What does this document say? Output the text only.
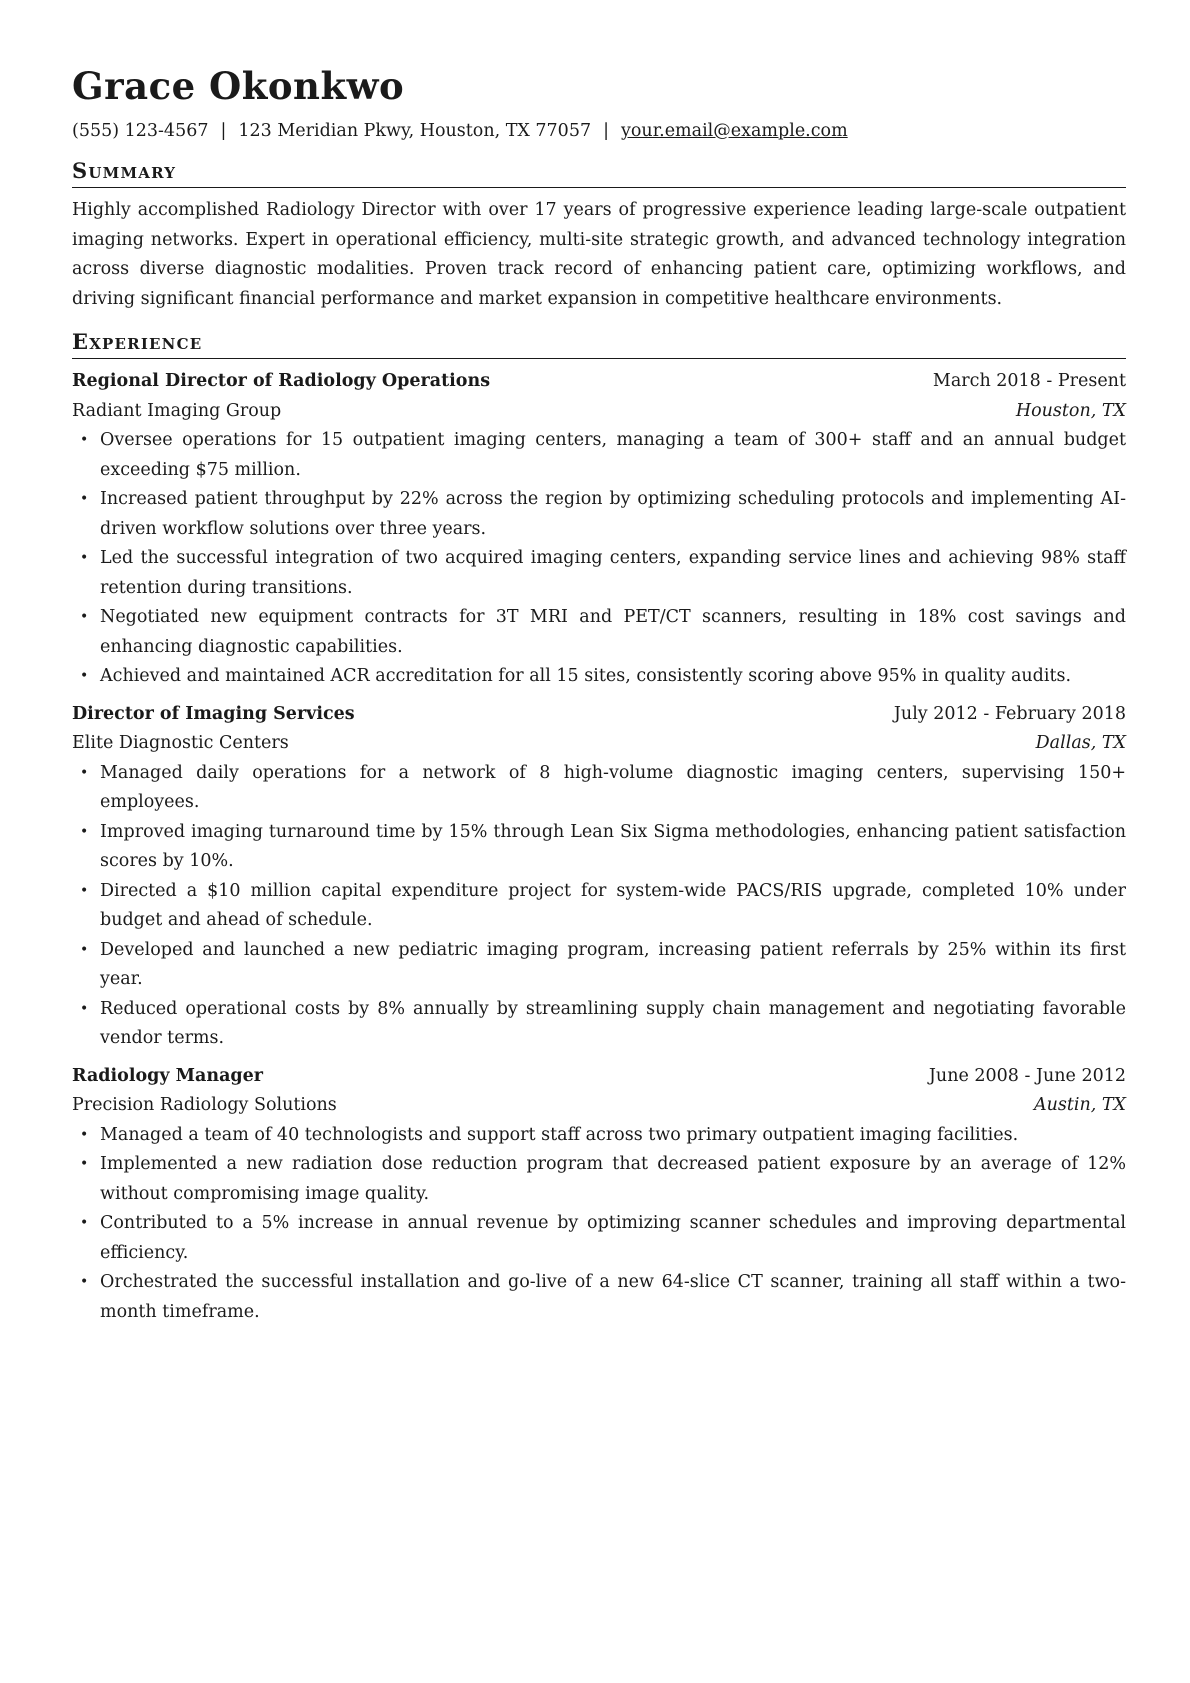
Grace Okonkwo
(555) 123-4567 | 123 Meridian Pkwy, Houston, TX 77057 | your.email@example.com
Summary
Highly accomplished Radiology Director with over 17 years of progressive experience leading large-scale outpatient imaging networks. Expert in operational efficiency, multi-site strategic growth, and advanced technology integration across diverse diagnostic modalities. Proven track record of enhancing patient care, optimizing workflows, and driving significant financial performance and market expansion in competitive healthcare environments.
Experience
Regional Director of Radiology Operations	March 2018 - Present
Radiant Imaging Group	Houston, TX
• Oversee operations for 15 outpatient imaging centers, managing a team of 300+ staff and an annual budget exceeding $75 million.
• Increased patient throughput by 22% across the region by optimizing scheduling protocols and implementing AI-driven workflow solutions over three years.
• Led the successful integration of two acquired imaging centers, expanding service lines and achieving 98% staff retention during transitions.
• Negotiated new equipment contracts for 3T MRI and PET/CT scanners, resulting in 18% cost savings and enhancing diagnostic capabilities.
• Achieved and maintained ACR accreditation for all 15 sites, consistently scoring above 95% in quality audits.
Director of Imaging Services	July 2012 - February 2018
Elite Diagnostic Centers	Dallas, TX
• Managed daily operations for a network of 8 high-volume diagnostic imaging centers, supervising 150+ employees.
• Improved imaging turnaround time by 15% through Lean Six Sigma methodologies, enhancing patient satisfaction scores by 10%.
• Directed a $10 million capital expenditure project for system-wide PACS/RIS upgrade, completed 10% under budget and ahead of schedule.
• Developed and launched a new pediatric imaging program, increasing patient referrals by 25% within its first year.
• Reduced operational costs by 8% annually by streamlining supply chain management and negotiating favorable vendor terms.
Radiology Manager	June 2008 - June 2012
Precision Radiology Solutions	Austin, TX
• Managed a team of 40 technologists and support staff across two primary outpatient imaging facilities.
• Implemented a new radiation dose reduction program that decreased patient exposure by an average of 12% without compromising image quality.
• Contributed to a 5% increase in annual revenue by optimizing scanner schedules and improving departmental efficiency.
• Orchestrated the successful installation and go-live of a new 64-slice CT scanner, training all staff within a two-month timeframe.
